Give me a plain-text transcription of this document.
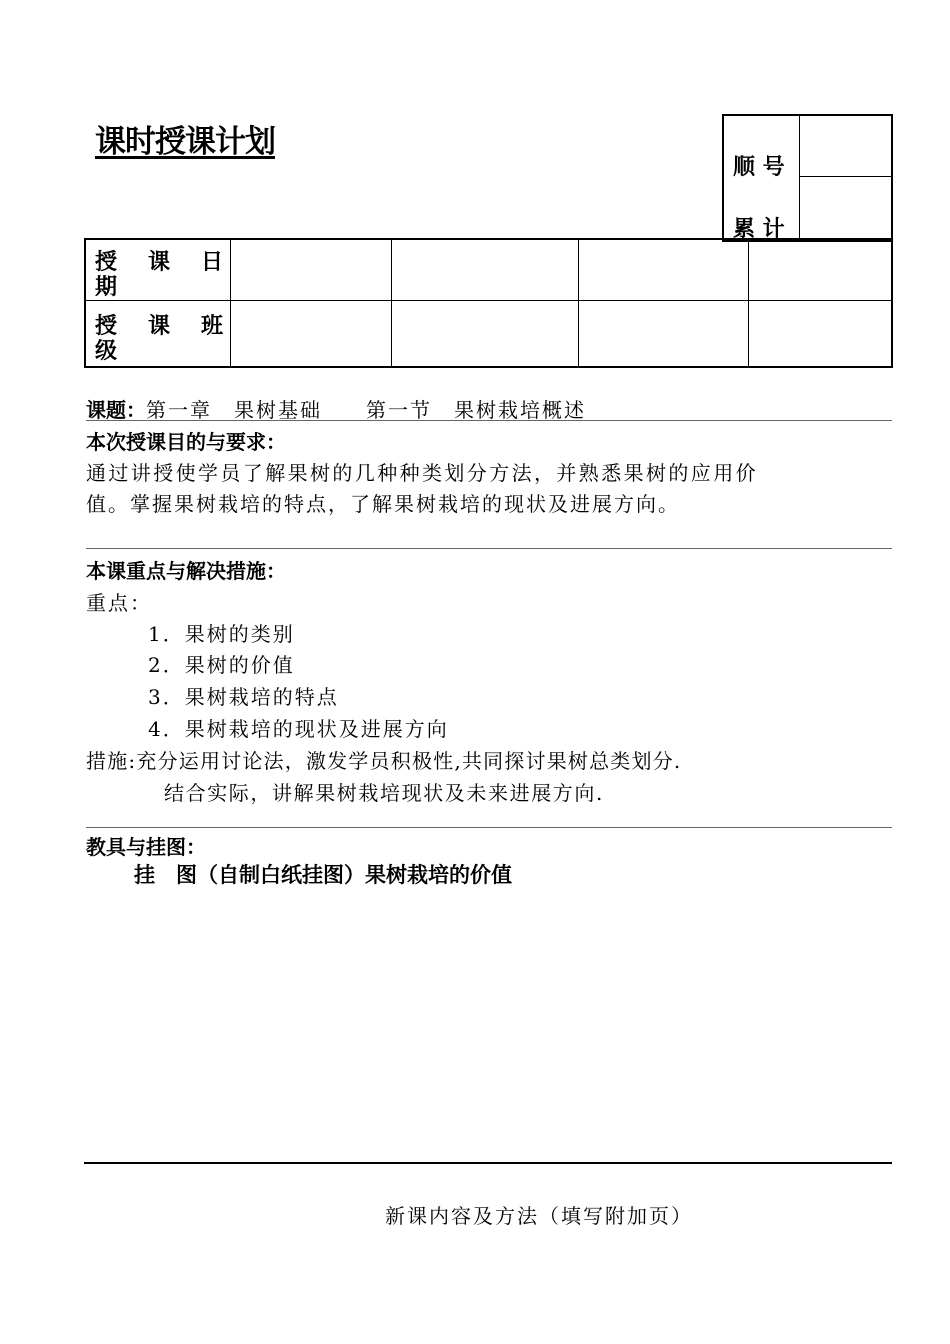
课时授课计划
顺 号
累 计
授　课　日
期
授　课　班
级
课题：第一章　果树基础　　第一节　果树栽培概述
本次授课目的与要求：
通过讲授使学员了解果树的几种种类划分方法，并熟悉果树的应用价
值。掌握果树栽培的特点，了解果树栽培的现状及进展方向。
本课重点与解决措施：
重点：
1．果树的类别
2．果树的价值
3．果树栽培的特点
4．果树栽培的现状及进展方向
措施:充分运用讨论法，激发学员积极性,共同探讨果树总类划分.
结合实际，讲解果树栽培现状及未来进展方向.
教具与挂图：
挂　图（自制白纸挂图）果树栽培的价值
新课内容及方法（填写附加页）
